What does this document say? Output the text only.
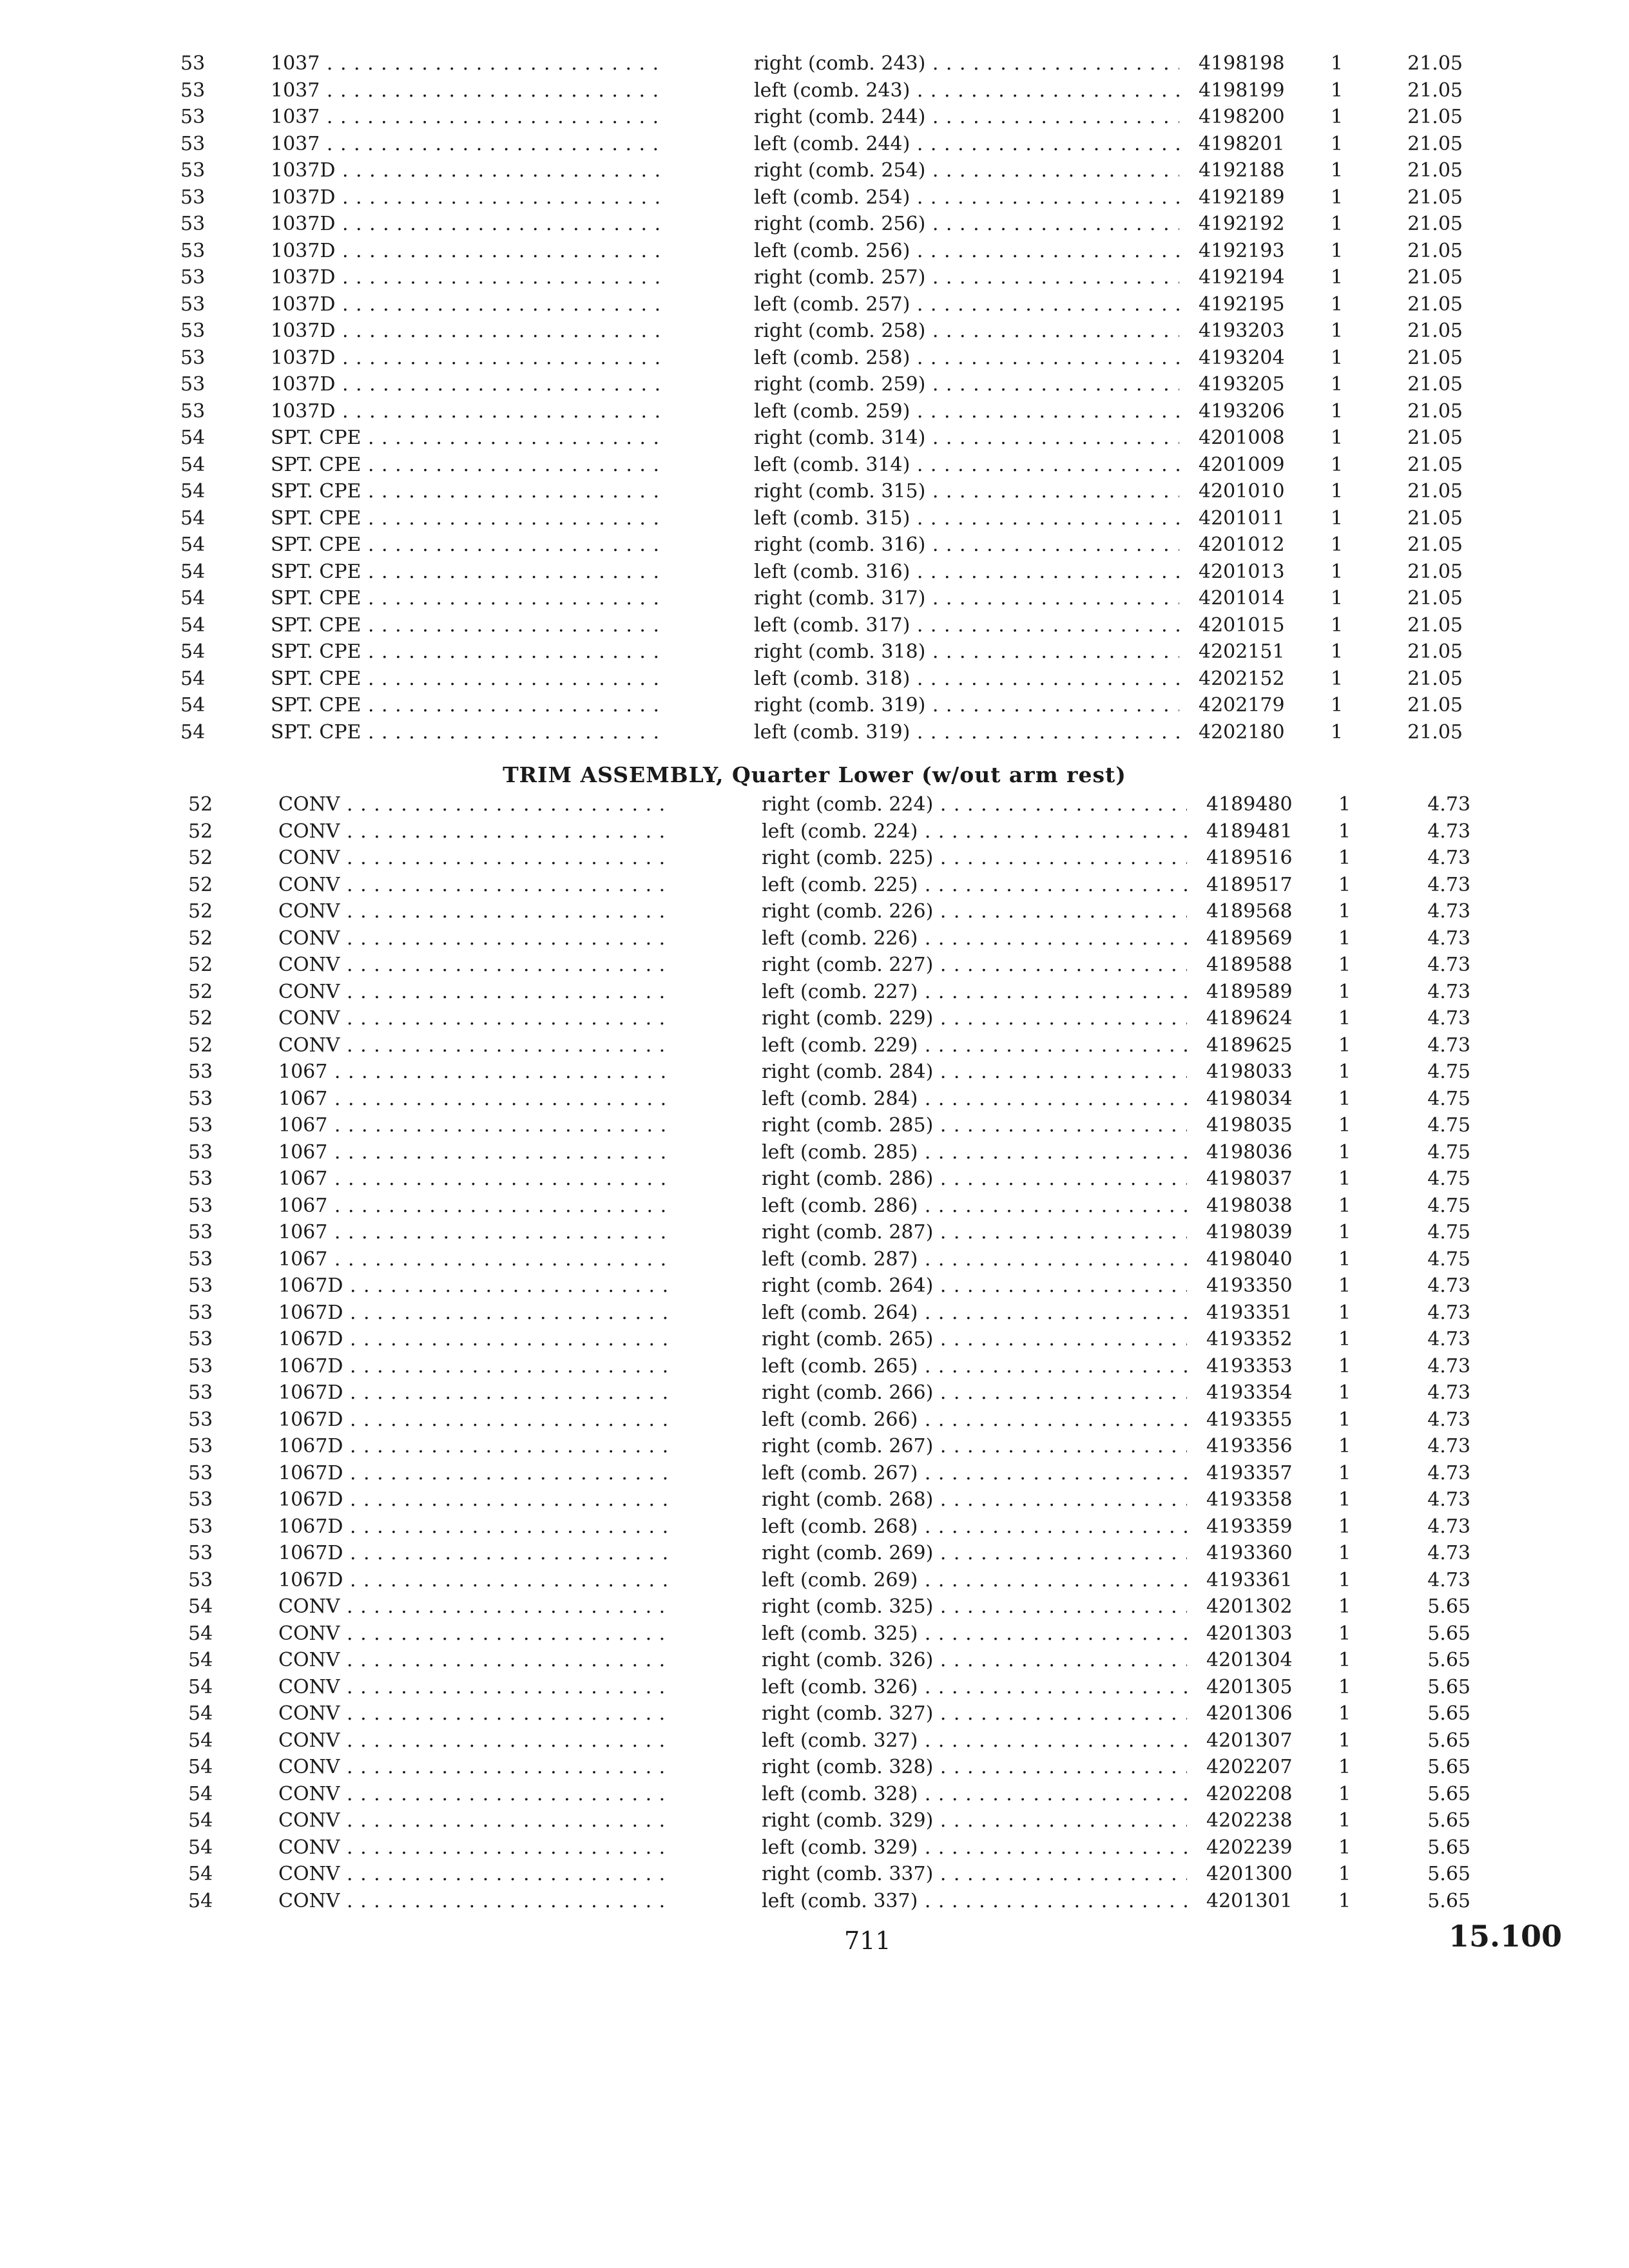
53	1037 . . .	right (comb. 243) . . .	4198198	1	21.05
53	1037 . . .	left (comb. 243) . . .	4198199	1	21.05
53	1037 . . .	right (comb. 244) . . .	4198200	1	21.05
53	1037 . . .	left (comb. 244) . . .	4198201	1	21.05
53	1037D . . .	right (comb. 254) . . .	4192188	1	21.05
53	1037D . . .	left (comb. 254) . . .	4192189	1	21.05
53	1037D . . .	right (comb. 256) . . .	4192192	1	21.05
53	1037D . . .	left (comb. 256) . . .	4192193	1	21.05
53	1037D . . .	right (comb. 257) . . .	4192194	1	21.05
53	1037D . . .	left (comb. 257) . . .	4192195	1	21.05
53	1037D . . .	right (comb. 258) . . .	4193203	1	21.05
53	1037D . . .	left (comb. 258) . . .	4193204	1	21.05
53	1037D . . .	right (comb. 259) . . .	4193205	1	21.05
53	1037D . . .	left (comb. 259) . . .	4193206	1	21.05
54	SPT. CPE . . .	right (comb. 314) . . .	4201008	1	21.05
54	SPT. CPE . . .	left (comb. 314) . . .	4201009	1	21.05
54	SPT. CPE . . .	right (comb. 315) . . .	4201010	1	21.05
54	SPT. CPE . . .	left (comb. 315) . . .	4201011	1	21.05
54	SPT. CPE . . .	right (comb. 316) . . .	4201012	1	21.05
54	SPT. CPE . . .	left (comb. 316) . . .	4201013	1	21.05
54	SPT. CPE . . .	right (comb. 317) . . .	4201014	1	21.05
54	SPT. CPE . . .	left (comb. 317) . . .	4201015	1	21.05
54	SPT. CPE . . .	right (comb. 318) . . .	4202151	1	21.05
54	SPT. CPE . . .	left (comb. 318) . . .	4202152	1	21.05
54	SPT. CPE . . .	right (comb. 319) . . .	4202179	1	21.05
54	SPT. CPE . . .	left (comb. 319) . . .	4202180	1	21.05
TRIM ASSEMBLY, Quarter Lower (w/out arm rest)
52	CONV . . .	right (comb. 224) . . .	4189480	1	4.73
52	CONV . . .	left (comb. 224) . . .	4189481	1	4.73
52	CONV . . .	right (comb. 225) . . .	4189516	1	4.73
52	CONV . . .	left (comb. 225) . . .	4189517	1	4.73
52	CONV . . .	right (comb. 226) . . .	4189568	1	4.73
52	CONV . . .	left (comb. 226) . . .	4189569	1	4.73
52	CONV . . .	right (comb. 227) . . .	4189588	1	4.73
52	CONV . . .	left (comb. 227) . . .	4189589	1	4.73
52	CONV . . .	right (comb. 229) . . .	4189624	1	4.73
52	CONV . . .	left (comb. 229) . . .	4189625	1	4.73
53	1067 . . .	right (comb. 284) . . .	4198033	1	4.75
53	1067 . . .	left (comb. 284) . . .	4198034	1	4.75
53	1067 . . .	right (comb. 285) . . .	4198035	1	4.75
53	1067 . . .	left (comb. 285) . . .	4198036	1	4.75
53	1067 . . .	right (comb. 286) . . .	4198037	1	4.75
53	1067 . . .	left (comb. 286) . . .	4198038	1	4.75
53	1067 . . .	right (comb. 287) . . .	4198039	1	4.75
53	1067 . . .	left (comb. 287) . . .	4198040	1	4.75
53	1067D . . .	right (comb. 264) . . .	4193350	1	4.73
53	1067D . . .	left (comb. 264) . . .	4193351	1	4.73
53	1067D . . .	right (comb. 265) . . .	4193352	1	4.73
53	1067D . . .	left (comb. 265) . . .	4193353	1	4.73
53	1067D . . .	right (comb. 266) . . .	4193354	1	4.73
53	1067D . . .	left (comb. 266) . . .	4193355	1	4.73
53	1067D . . .	right (comb. 267) . . .	4193356	1	4.73
53	1067D . . .	left (comb. 267) . . .	4193357	1	4.73
53	1067D . . .	right (comb. 268) . . .	4193358	1	4.73
53	1067D . . .	left (comb. 268) . . .	4193359	1	4.73
53	1067D . . .	right (comb. 269) . . .	4193360	1	4.73
53	1067D . . .	left (comb. 269) . . .	4193361	1	4.73
54	CONV . . .	right (comb. 325) . . .	4201302	1	5.65
54	CONV . . .	left (comb. 325) . . .	4201303	1	5.65
54	CONV . . .	right (comb. 326) . . .	4201304	1	5.65
54	CONV . . .	left (comb. 326) . . .	4201305	1	5.65
54	CONV . . .	right (comb. 327) . . .	4201306	1	5.65
54	CONV . . .	left (comb. 327) . . .	4201307	1	5.65
54	CONV . . .	right (comb. 328) . . .	4202207	1	5.65
54	CONV . . .	left (comb. 328) . . .	4202208	1	5.65
54	CONV . . .	right (comb. 329) . . .	4202238	1	5.65
54	CONV . . .	left (comb. 329) . . .	4202239	1	5.65
54	CONV . . .	right (comb. 337) . . .	4201300	1	5.65
54	CONV . . .	left (comb. 337) . . .	4201301	1	5.65
711	15.100
